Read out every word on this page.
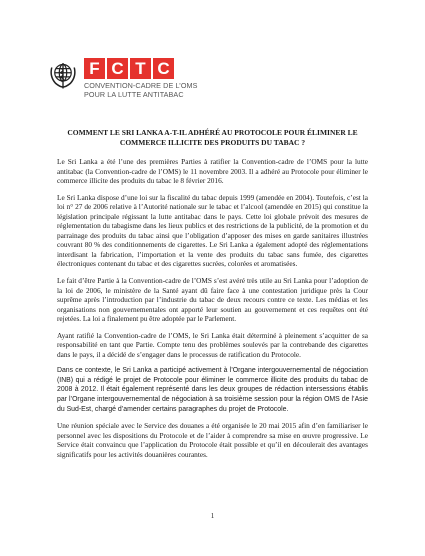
F C T C
CONVENTION-CADRE DE L’OMS
POUR LA LUTTE ANTITABAC
COMMENT LE SRI LANKA A-T-IL ADHÉRÉ AU PROTOCOLE POUR ÉLIMINER LE COMMERCE ILLICITE DES PRODUITS DU TABAC ?

Le Sri Lanka a été l’une des premières Parties à ratifier la Convention-cadre de l’OMS pour la lutte antitabac (la Convention-cadre de l’OMS) le 11 novembre 2003. Il a adhéré au Protocole pour éliminer le commerce illicite des produits du tabac le 8 février 2016.

Le Sri Lanka dispose d’une loi sur la fiscalité du tabac depuis 1999 (amendée en 2004). Toutefois, c’est la loi n° 27 de 2006 relative à l’Autorité nationale sur le tabac et l’alcool (amendée en 2015) qui constitue la législation principale régissant la lutte antitabac dans le pays. Cette loi globale prévoit des mesures de réglementation du tabagisme dans les lieux publics et des restrictions de la publicité, de la promotion et du parrainage des produits du tabac ainsi que l’obligation d’apposer des mises en garde sanitaires illustrées couvrant 80 % des conditionnements de cigarettes. Le Sri Lanka a également adopté des réglementations interdisant la fabrication, l’importation et la vente des produits du tabac sans fumée, des cigarettes électroniques contenant du tabac et des cigarettes sucrées, colorées et aromatisées.

Le fait d’être Partie à la Convention-cadre de l’OMS s’est avéré très utile au Sri Lanka pour l’adoption de la loi de 2006, le ministère de la Santé ayant dû faire face à une contestation juridique près la Cour suprême après l’introduction par l’industrie du tabac de deux recours contre ce texte. Les médias et les organisations non gouvernementales ont apporté leur soutien au gouvernement et ces requêtes ont été rejetées. La loi a finalement pu être adoptée par le Parlement.

Ayant ratifié la Convention-cadre de l’OMS, le Sri Lanka était déterminé à pleinement s’acquitter de sa responsabilité en tant que Partie. Compte tenu des problèmes soulevés par la contrebande des cigarettes dans le pays, il a décidé de s’engager dans le processus de ratification du Protocole.

Dans ce contexte, le Sri Lanka a participé activement à l’Organe intergouvernemental de négociation (INB) qui a rédigé le projet de Protocole pour éliminer le commerce illicite des produits du tabac de 2008 à 2012. Il était également représenté dans les deux groupes de rédaction intersessions établis par l’Organe intergouvernemental de négociation à sa troisième session pour la région OMS de l’Asie du Sud-Est, chargé d’amender certains paragraphes du projet de Protocole.

Une réunion spéciale avec le Service des douanes a été organisée le 20 mai 2015 afin d’en familiariser le personnel avec les dispositions du Protocole et de l’aider à comprendre sa mise en œuvre progressive. Le Service était convaincu que l’application du Protocole était possible et qu’il en découlerait des avantages significatifs pour les activités douanières courantes.

1
